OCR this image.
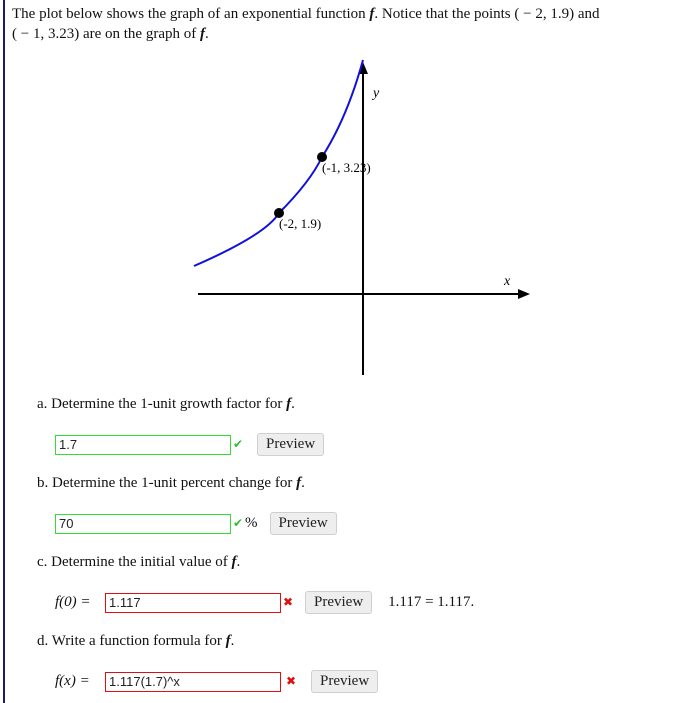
The plot below shows the graph of an exponential function f. Notice that the points ( − 2, 1.9) and
( − 1, 3.23) are on the graph of f.
y
x
(-2, 1.9)
(-1, 3.23)
a. Determine the 1-unit growth factor for f.
1.7
✔	Preview
b. Determine the 1-unit percent change for f.
70
✔ %	Preview
c. Determine the initial value of f.
f(0) =
1.117	✖	Preview	1.117 = 1.117.
d. Write a function formula for f.
f(x) =
1.117(1.7)^x	✖	Preview
